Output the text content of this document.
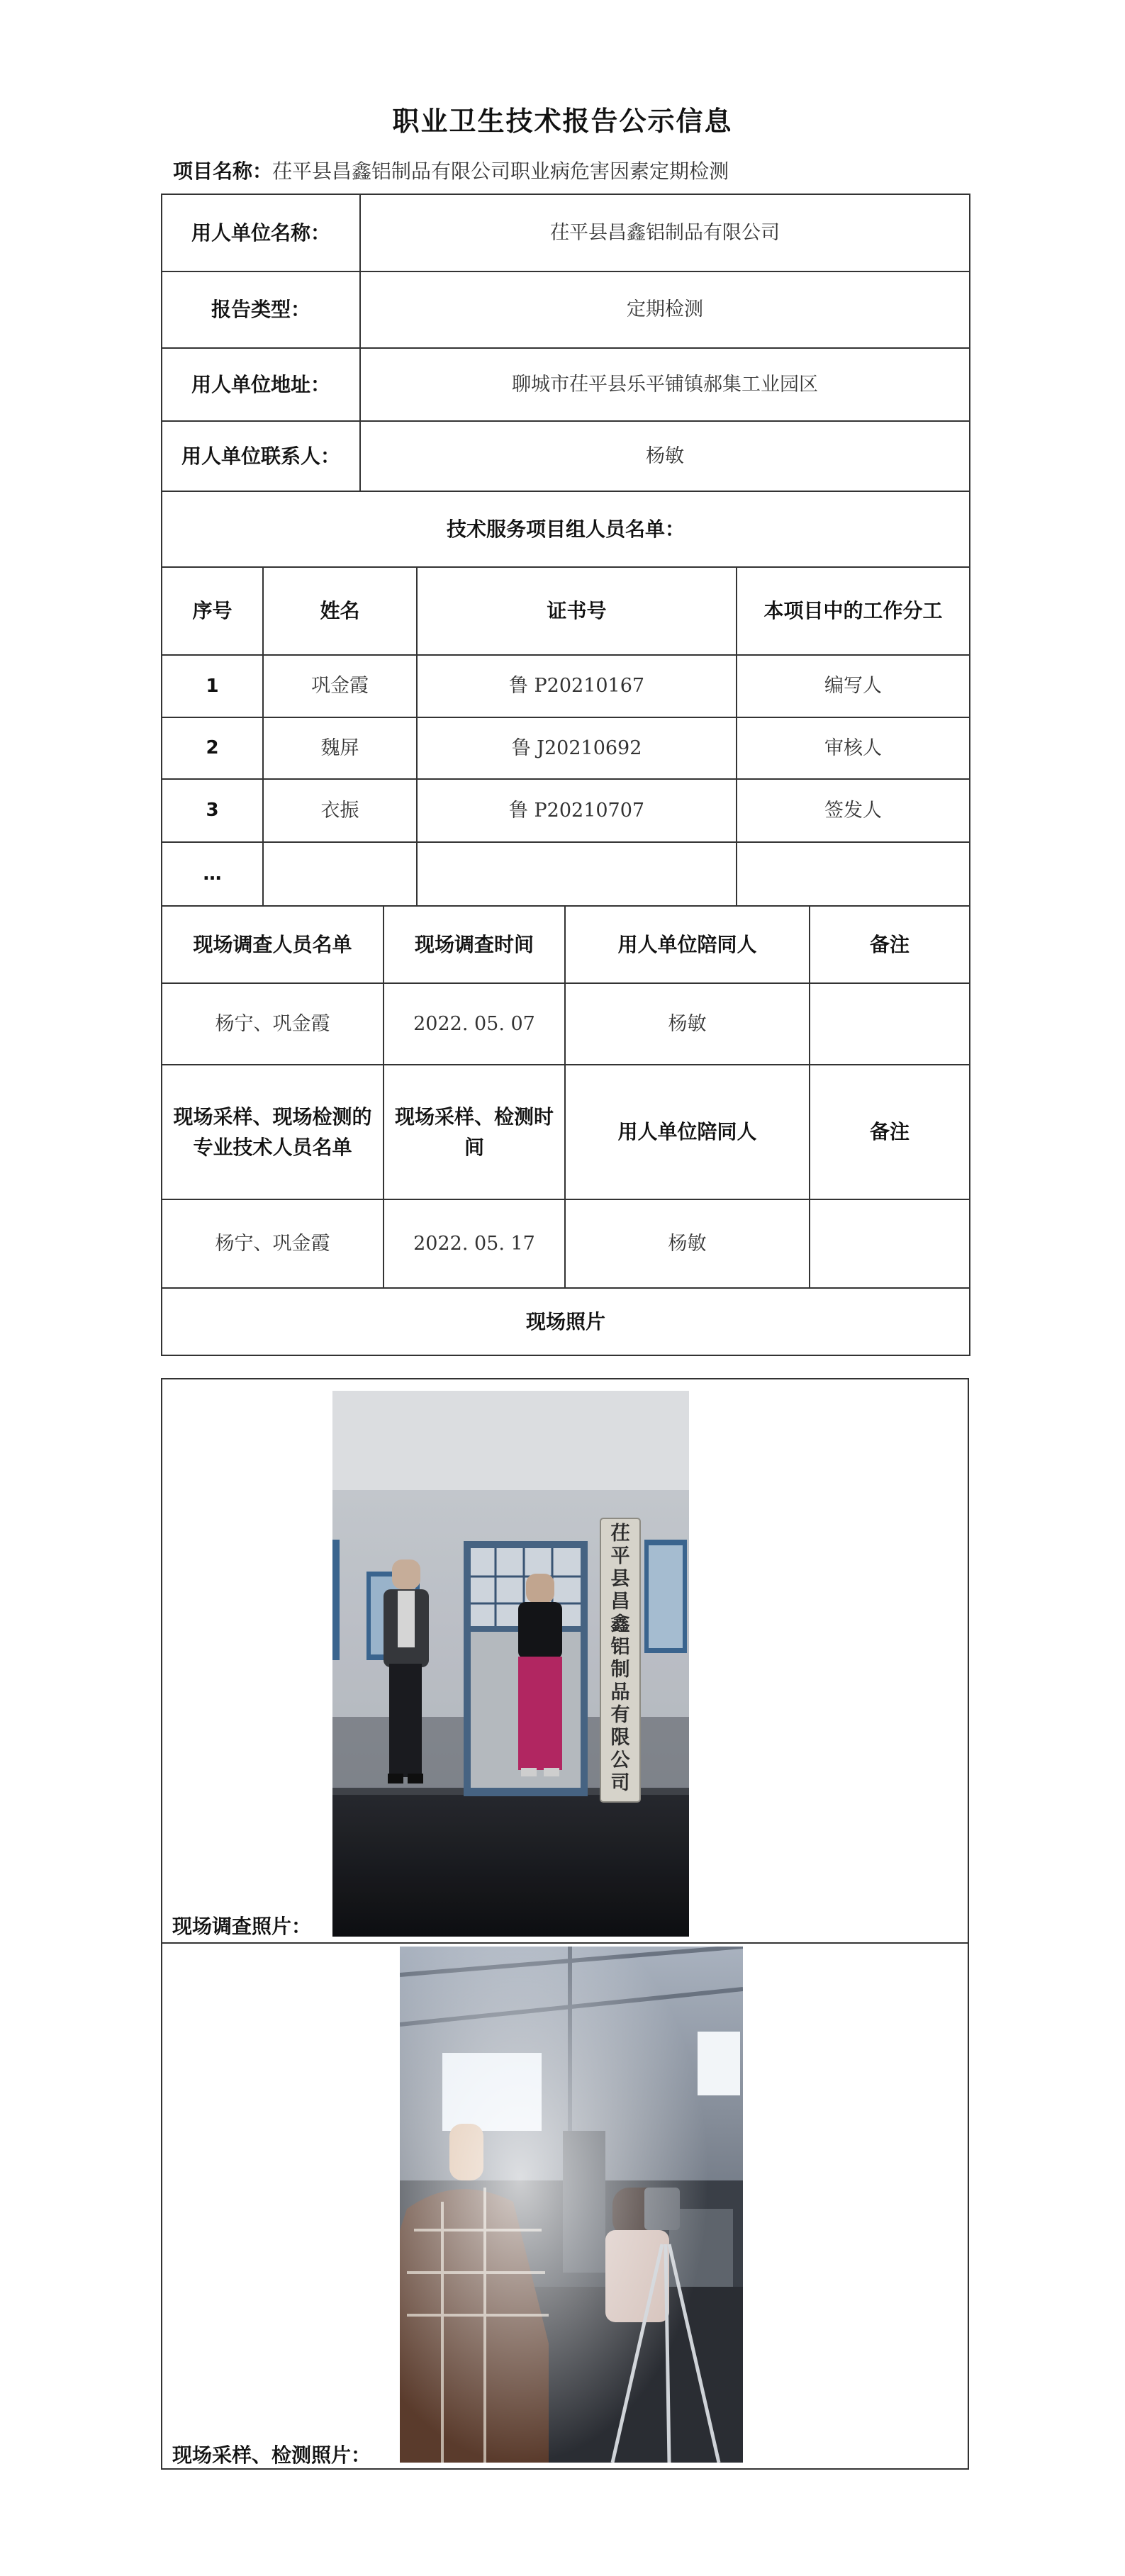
职业卫生技术报告公示信息
项目名称：茌平县昌鑫铝制品有限公司职业病危害因素定期检测
用人单位名称：	茌平县昌鑫铝制品有限公司
报告类型：	定期检测
用人单位地址：	聊城市茌平县乐平铺镇郝集工业园区
用人单位联系人：	杨敏
技术服务项目组人员名单：			
序号	姓名	证书号	本项目中的工作分工
1	巩金霞	鲁 P20210167	编写人
2	魏屏	鲁 J20210692	审核人
3	衣振	鲁 P20210707	签发人
…			
现场调查人员名单	现场调查时间	用人单位陪同人	备注
杨宁、巩金霞	2022. 05. 07	杨敏	
现场采样、现场检测的专业技术人员名单	现场采样、检测时间	用人单位陪同人	备注
杨宁、巩金霞	2022. 05. 17	杨敏	
现场照片			
茌平县昌鑫铝制品有限公司
现场调查照片：
现场采样、检测照片：
